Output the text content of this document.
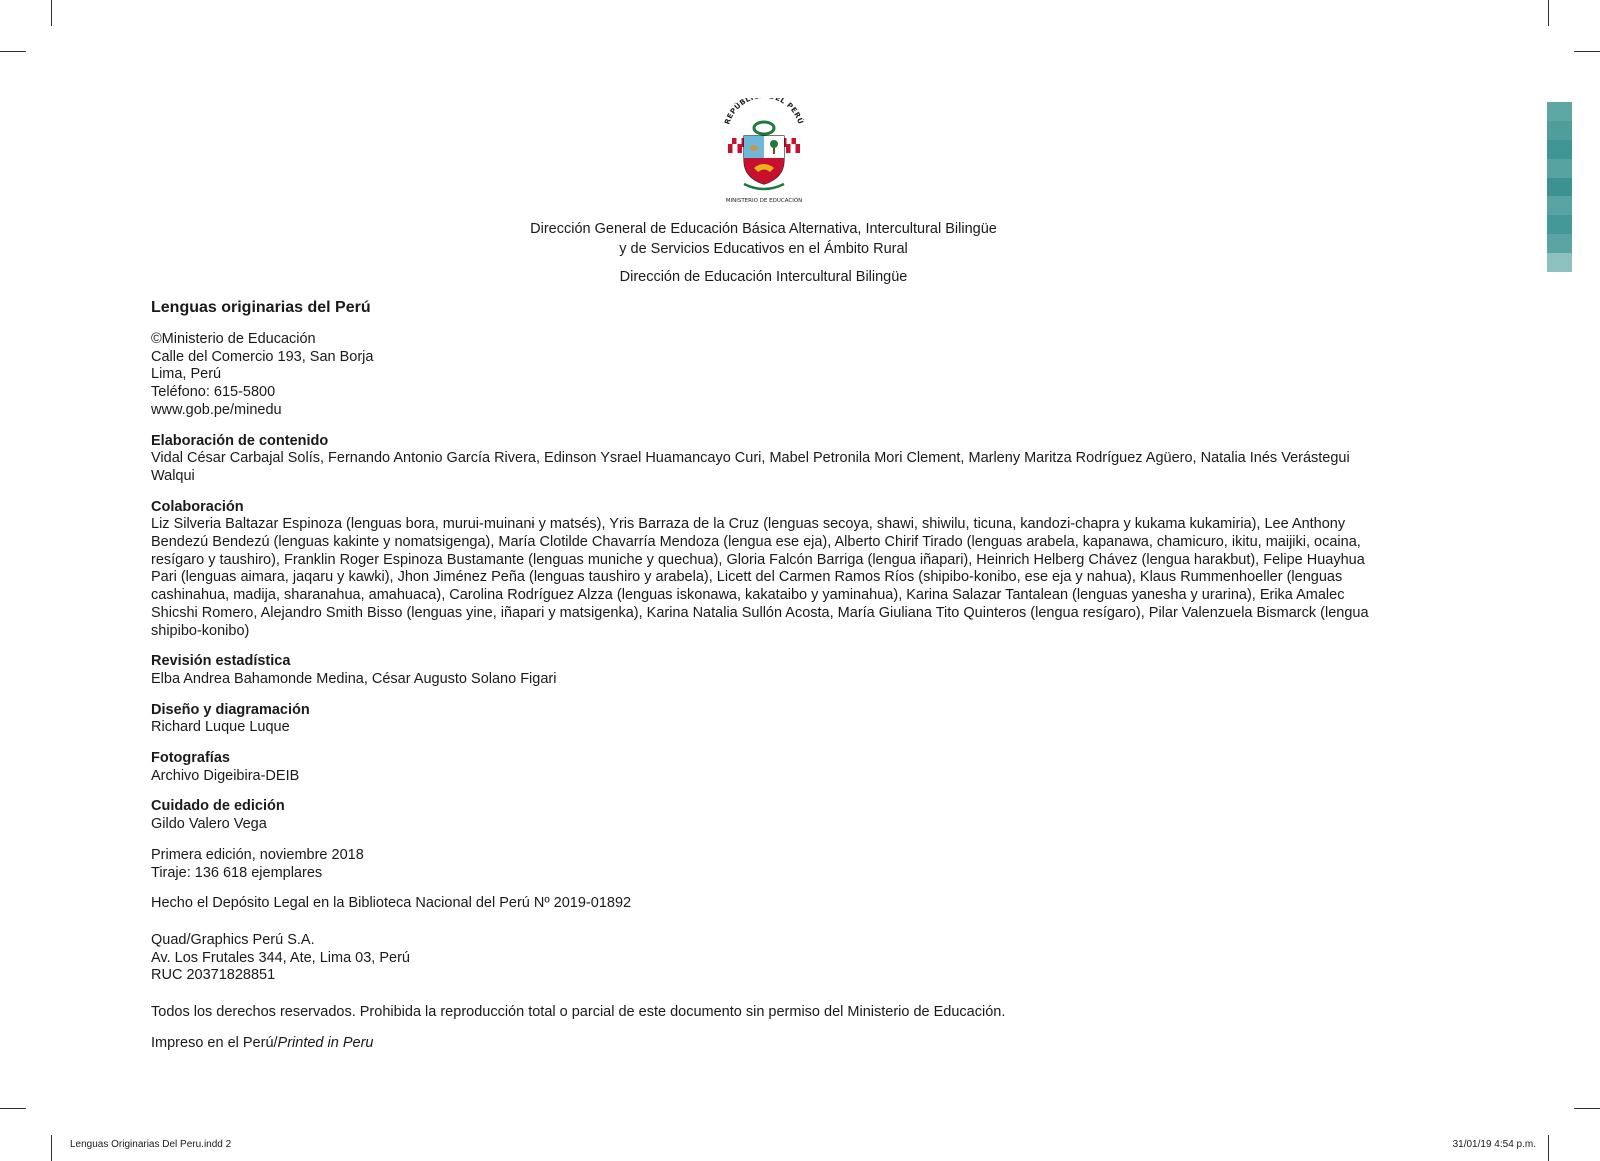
REPÚBL EL PERÚ
MINISTERIO DE EDUCACIÓN
Dirección General de Educación Básica Alternativa, Intercultural Bilingüe
y de Servicios Educativos en el Ámbito Rural
Dirección de Educación Intercultural Bilingüe
Lenguas originarias del Perú
©Ministerio de Educación
Calle del Comercio 193, San Borja
Lima, Perú
Teléfono: 615-5800
www.gob.pe/minedu
Elaboración de contenido

Vidal César Carbajal Solís, Fernando Antonio García Rivera, Edinson Ysrael Huamancayo Curi, Mabel Petronila Mori Clement, Marleny Maritza Rodríguez Agüero, Natalia Inés Verástegui Walqui

Colaboración

Liz Silveria Baltazar Espinoza (lenguas bora, murui-muinanɨ y matsés), Yris Barraza de la Cruz (lenguas secoya, shawi, shiwilu, ticuna, kandozi-chapra y kukama kukamiria), Lee Anthony Bendezú Bendezú (lenguas kakinte y nomatsigenga), María Clotilde Chavarría Mendoza (lengua ese eja), Alberto Chirif Tirado (lenguas arabela, kapanawa, chamicuro, ikitu, maijiki, ocaina, resígaro y taushiro), Franklin Roger Espinoza Bustamante (lenguas muniche y quechua), Gloria Falcón Barriga (lengua iñapari), Heinrich Helberg Chávez (lengua harakbut), Felipe Huayhua Pari (lenguas aimara, jaqaru y kawki), Jhon Jiménez Peña (lenguas taushiro y arabela), Licett del Carmen Ramos Ríos (shipibo-konibo, ese eja y nahua), Klaus Rummenhoeller (lenguas cashinahua, madija, sharanahua, amahuaca), Carolina Rodríguez Alzza (lenguas iskonawa, kakataibo y yaminahua), Karina Salazar Tantalean (lenguas yanesha y urarina), Erika Amalec Shicshi Romero, Alejandro Smith Bisso (lenguas yine, iñapari y matsigenka), Karina Natalia Sullón Acosta, María Giuliana Tito Quinteros (lengua resígaro), Pilar Valenzuela Bismarck (lengua shipibo-konibo)

Revisión estadística
Elba Andrea Bahamonde Medina, César Augusto Solano Figari
Diseño y diagramación
Richard Luque Luque
Fotografías
Archivo Digeibira-DEIB
Cuidado de edición
Gildo Valero Vega
Primera edición, noviembre 2018
Tiraje: 136 618 ejemplares
Hecho el Depósito Legal en la Biblioteca Nacional del Perú Nº 2019-01892
Quad/Graphics Perú S.A.
Av. Los Frutales 344, Ate, Lima 03, Perú
RUC 20371828851
Todos los derechos reservados. Prohibida la reproducción total o parcial de este documento sin permiso del Ministerio de Educación.
Impreso en el Perú/Printed in Peru
Lenguas Originarias Del Peru.indd 2	31/01/19 4:54 p.m.
